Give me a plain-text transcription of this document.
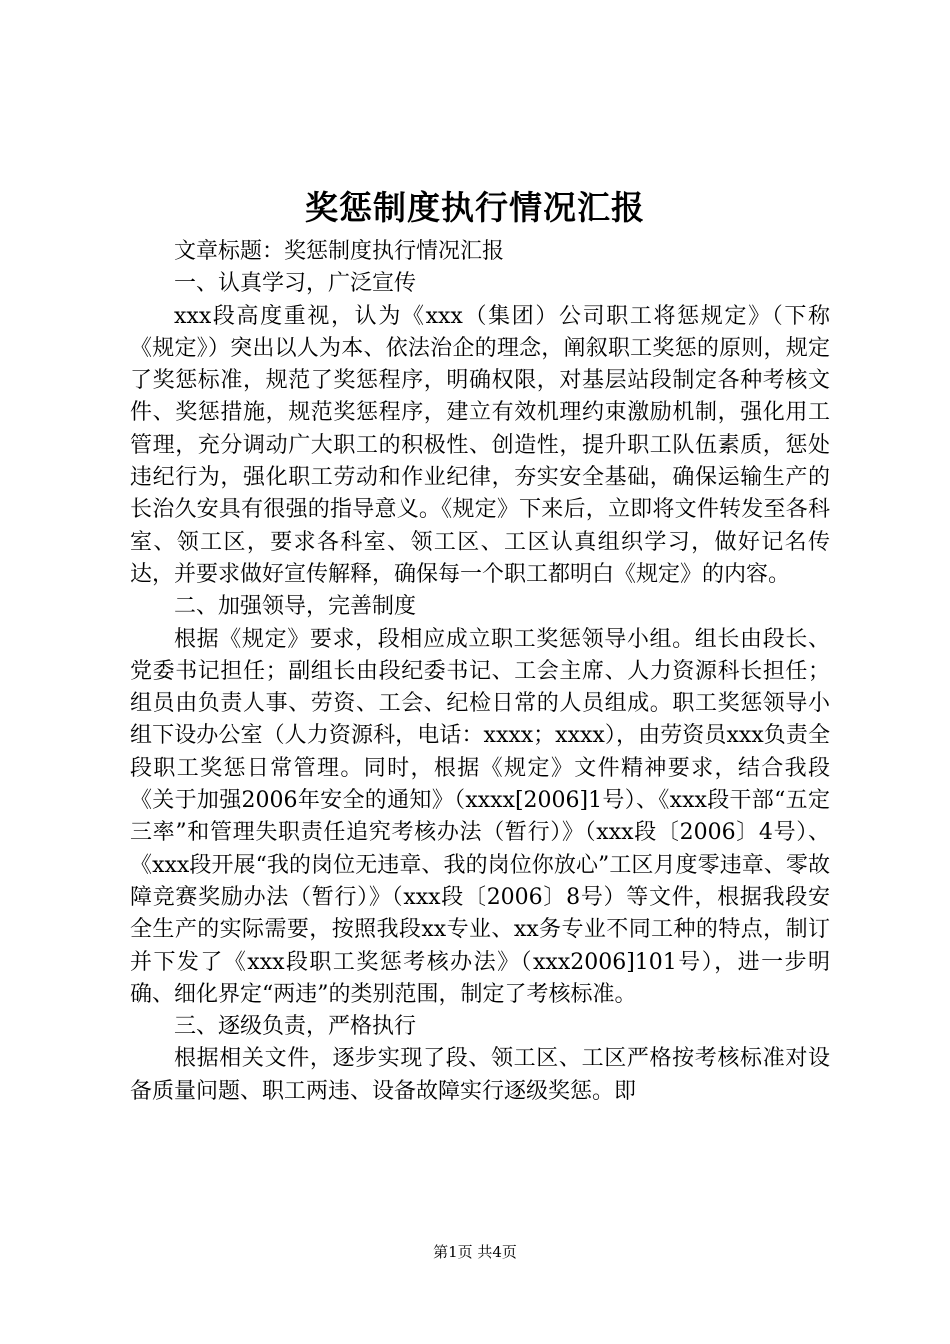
奖惩制度执行情况汇报

文章标题：奖惩制度执行情况汇报

一、认真学习，广泛宣传

xxx段高度重视，认为《xxx（集团）公司职工将惩规定》（下称《规定》）突出以人为本、依法治企的理念，阐叙职工奖惩的原则，规定了奖惩标准，规范了奖惩程序，明确权限，对基层站段制定各种考核文件、奖惩措施，规范奖惩程序，建立有效机理约束激励机制，强化用工管理，充分调动广大职工的积极性、创造性，提升职工队伍素质，惩处违纪行为，强化职工劳动和作业纪律，夯实安全基础，确保运输生产的长治久安具有很强的指导意义。《规定》下来后，立即将文件转发至各科室、领工区，要求各科室、领工区、工区认真组织学习，做好记名传达，并要求做好宣传解释，确保每一个职工都明白《规定》的内容。

二、加强领导，完善制度

根据《规定》要求，段相应成立职工奖惩领导小组。组长由段长、党委书记担任；副组长由段纪委书记、工会主席、人力资源科长担任；组员由负责人事、劳资、工会、纪检日常的人员组成。职工奖惩领导小组下设办公室（人力资源科，电话：xxxx；xxxx），由劳资员xxx负责全段职工奖惩日常管理。同时，根据《规定》文件精神要求，结合我段《关于加强2006年安全的通知》（xxxx[2006]1号）、《xxx段干部“五定三率”和管理失职责任追究考核办法（暂行）》（xxx段〔2006〕4号）、《xxx段开展“我的岗位无违章、我的岗位你放心”工区月度零违章、零故障竞赛奖励办法（暂行）》（xxx段〔2006〕8号）等文件，根据我段安全生产的实际需要，按照我段xx专业、xx务专业不同工种的特点，制订并下发了《xxx段职工奖惩考核办法》（xxx2006]101号），进一步明确、细化界定“两违”的类别范围，制定了考核标准。

三、逐级负责，严格执行

根据相关文件，逐步实现了段、领工区、工区严格按考核标准对设备质量问题、职工两违、设备故障实行逐级奖惩。即

第1页 共4页
